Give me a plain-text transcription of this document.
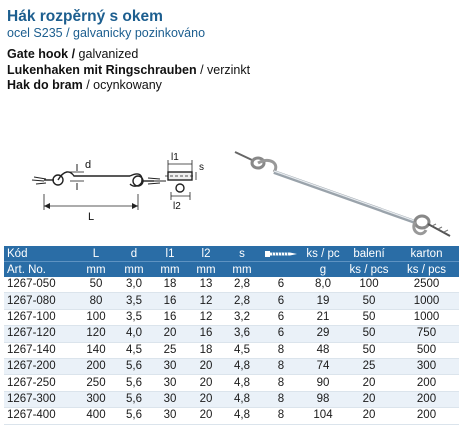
Hák rozpěrný s okem

ocel S235 / galvanicky pozinkováno

Gate hook / galvanized

Lukenhaken mit Ringschrauben / verzinkt

Hak do bram / ocynkowany

d
L
l1
l2
s
Kód	L	d	l1	l2	s		ks / pc	balení	karton
Art. No.	mm	mm	mm	mm	mm		g	ks / pcs	ks / pcs
1267-050	50	3,0	18	13	2,8	6	8,0	100	2500
1267-080	80	3,5	16	12	2,8	6	19	50	1000
1267-100	100	3,5	16	12	3,2	6	21	50	1000
1267-120	120	4,0	20	16	3,6	6	29	50	750
1267-140	140	4,5	25	18	4,5	8	48	50	500
1267-200	200	5,6	30	20	4,8	8	74	25	300
1267-250	250	5,6	30	20	4,8	8	90	20	200
1267-300	300	5,6	30	20	4,8	8	98	20	200
1267-400	400	5,6	30	20	4,8	8	104	20	200
